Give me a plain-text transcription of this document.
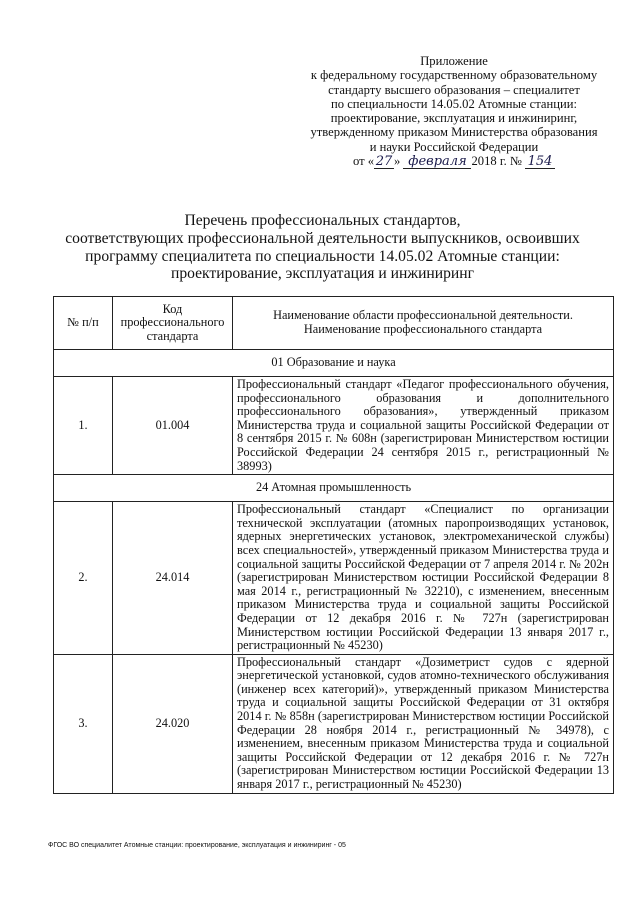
Приложение
к федеральному государственному образовательному
стандарту высшего образования – специалитет
по специальности 14.05.02 Атомные станции:
проектирование, эксплуатация и инжиниринг,
утвержденному приказом Министерства образования
и науки Российской Федерации
от « 27 » февраля 2018 г. № 154
Перечень профессиональных стандартов,
соответствующих профессиональной деятельности выпускников, освоивших
программу специалитета по специальности 14.05.02 Атомные станции:
проектирование, эксплуатация и инжиниринг
№ п/п	Код профессионального стандарта	Наименование области профессиональной деятельности. Наименование профессионального стандарта
01 Образование и наука		
1.	01.004	Профессиональный стандарт «Педагог профессионального обучения, профессионального образования и дополнительного профессионального образования», утвержденный приказом Министерства труда и социальной защиты Российской Федерации от 8 сентября 2015 г. № 608н (зарегистрирован Министерством юстиции Российской Федерации 24 сентября 2015 г., регистрационный № 38993)
24 Атомная промышленность		
2.	24.014	Профессиональный стандарт «Специалист по организации технической эксплуатации (атомных паропроизводящих установок, ядерных энергетических установок, электромеханической службы) всех специальностей», утвержденный приказом Министерства труда и социальной защиты Российской Федерации от 7 апреля 2014 г. № 202н (зарегистрирован Министерством юстиции Российской Федерации 8 мая 2014 г., регистрационный № 32210), с изменением, внесенным приказом Министерства труда и социальной защиты Российской Федерации от 12 декабря 2016 г. № 727н (зарегистрирован Министерством юстиции Российской Федерации 13 января 2017 г., регистрационный № 45230)
3.	24.020	Профессиональный стандарт «Дозиметрист судов с ядерной энергетической установкой, судов атомно-технического обслуживания (инженер всех категорий)», утвержденный приказом Министерства труда и социальной защиты Российской Федерации от 31 октября 2014 г. № 858н (зарегистрирован Министерством юстиции Российской Федерации 28 ноября 2014 г., регистрационный № 34978), с изменением, внесенным приказом Министерства труда и социальной защиты Российской Федерации от 12 декабря 2016 г. № 727н (зарегистрирован Министерством юстиции Российской Федерации 13 января 2017 г., регистрационный № 45230)
ФГОС ВО специалитет Атомные станции: проектирование, эксплуатация и инжиниринг - 05
